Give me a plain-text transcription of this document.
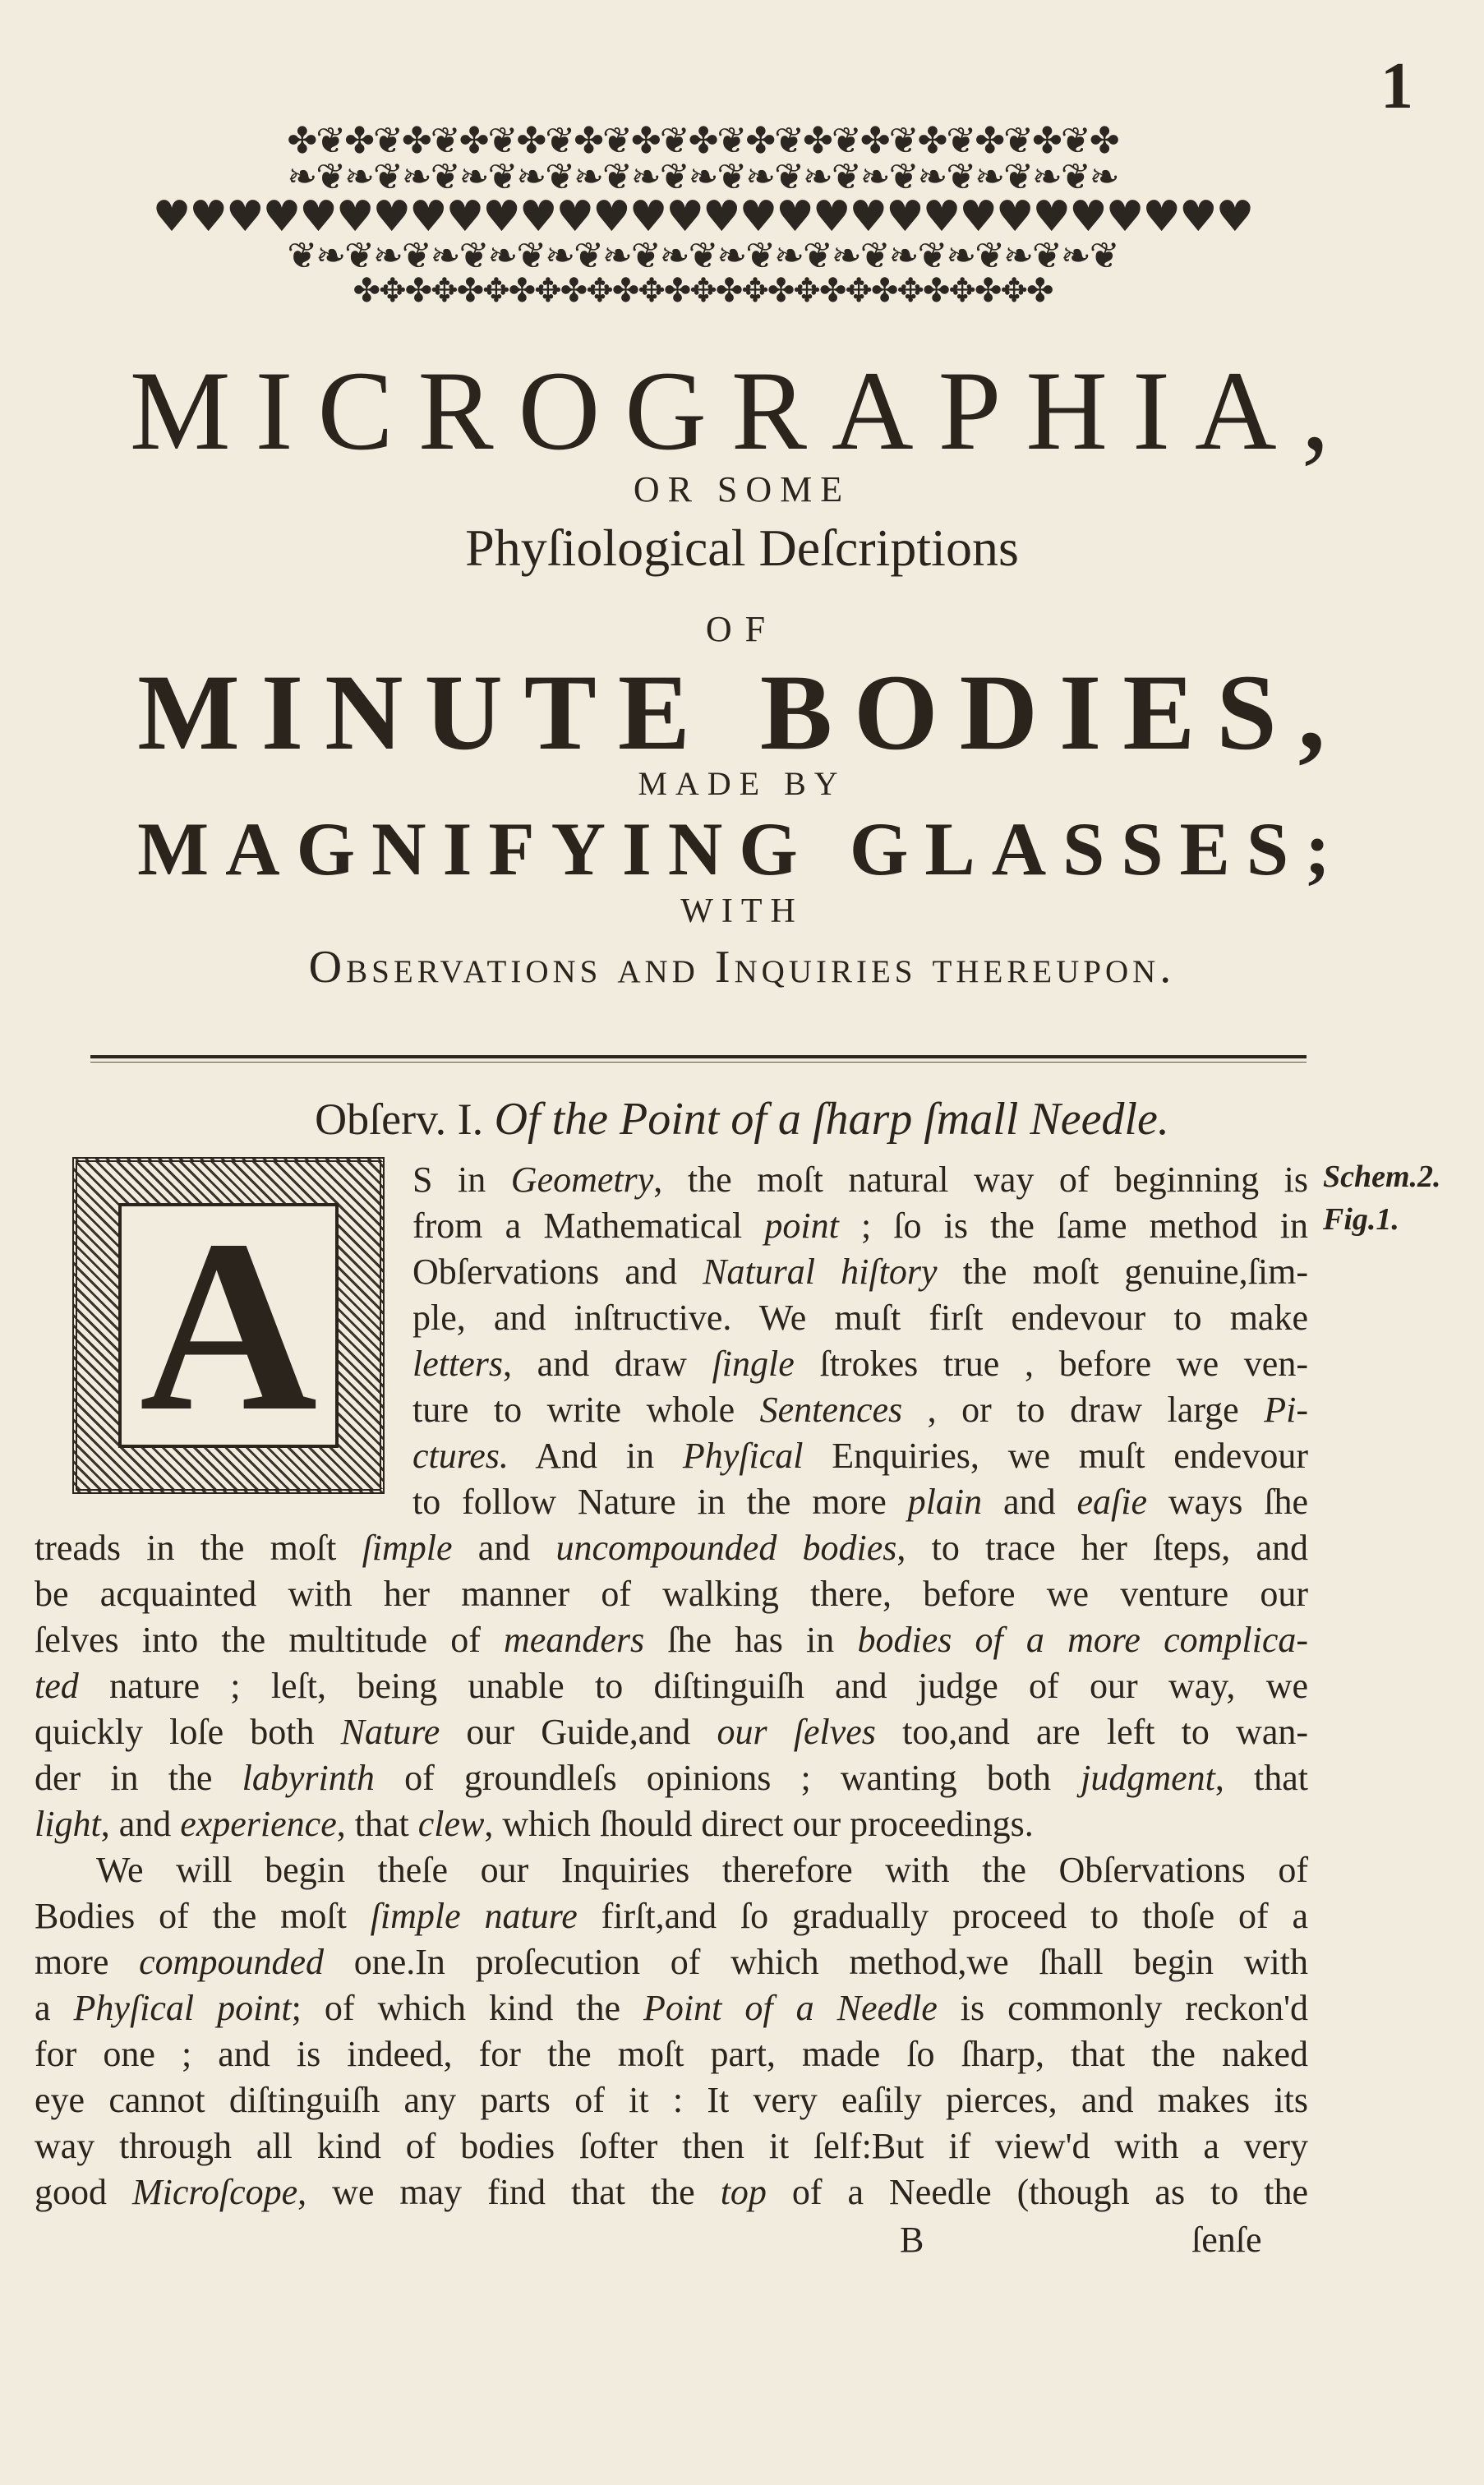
1
✤❦✤❦✤❦✤❦✤❦✤❦✤❦✤❦✤❦✤❦✤❦✤❦✤❦✤❦✤
❧❦❧❦❧❦❧❦❧❦❧❦❧❦❧❦❧❦❧❦❧❦❧❦❧❦❧❦❧
♥♥♥♥♥♥♥♥♥♥♥♥♥♥♥♥♥♥♥♥♥♥♥♥♥♥♥♥♥♥
❦❧❦❧❦❧❦❧❦❧❦❧❦❧❦❧❦❧❦❧❦❧❦❧❦❧❦❧❦
✤✥✤✥✤✥✤✥✤✥✤✥✤✥✤✥✤✥✤✥✤✥✤✥✤✥✤
MICROGRAPHIA,
OR SOME
Phyſiological Deſcriptions
OF
MINUTE BODIES,
MADE BY
MAGNIFYING GLASSES;
WITH
Observations and Inquiries thereupon.
Obſerv. I. Of the Point of a ſharp ſmall Needle.
A
S in Geometry, the moſt natural way of beginning is
from a Mathematical point ; ſo is the ſame method in
Obſervations and Natural hiſtory the moſt genuine,ſim-
ple, and inſtructive. We muſt firſt endevour to make
letters, and draw ſingle ſtrokes true , before we ven-
ture to write whole Sentences , or to draw large Pi-
ctures. And in Phyſical Enquiries, we muſt endevour
to follow Nature in the more plain and eaſie ways ſhe
treads in the moſt ſimple and uncompounded bodies, to trace her ſteps, and
be acquainted with her manner of walking there, before we venture our
ſelves into the multitude of meanders ſhe has in bodies of a more complica-
ted nature ; leſt, being unable to diſtinguiſh and judge of our way, we
quickly loſe both Nature our Guide,and our ſelves too,and are left to wan-
der in the labyrinth of groundleſs opinions ; wanting both judgment, that
light, and experience, that clew, which ſhould direct our proceedings.
We will begin theſe our Inquiries therefore with the Obſervations of
Bodies of the moſt ſimple nature firſt,and ſo gradually proceed to thoſe of a
more compounded one.In proſecution of which method,we ſhall begin with
a Phyſical point; of which kind the Point of a Needle is commonly reckon'd
for one ; and is indeed, for the moſt part, made ſo ſharp, that the naked
eye cannot diſtinguiſh any parts of it : It very eaſily pierces, and makes its
way through all kind of bodies ſofter then it ſelf:But if view'd with a very
good Microſcope, we may find that the top of a Needle (though as to the
Schem.2.
Fig.1.
B	ſenſe
